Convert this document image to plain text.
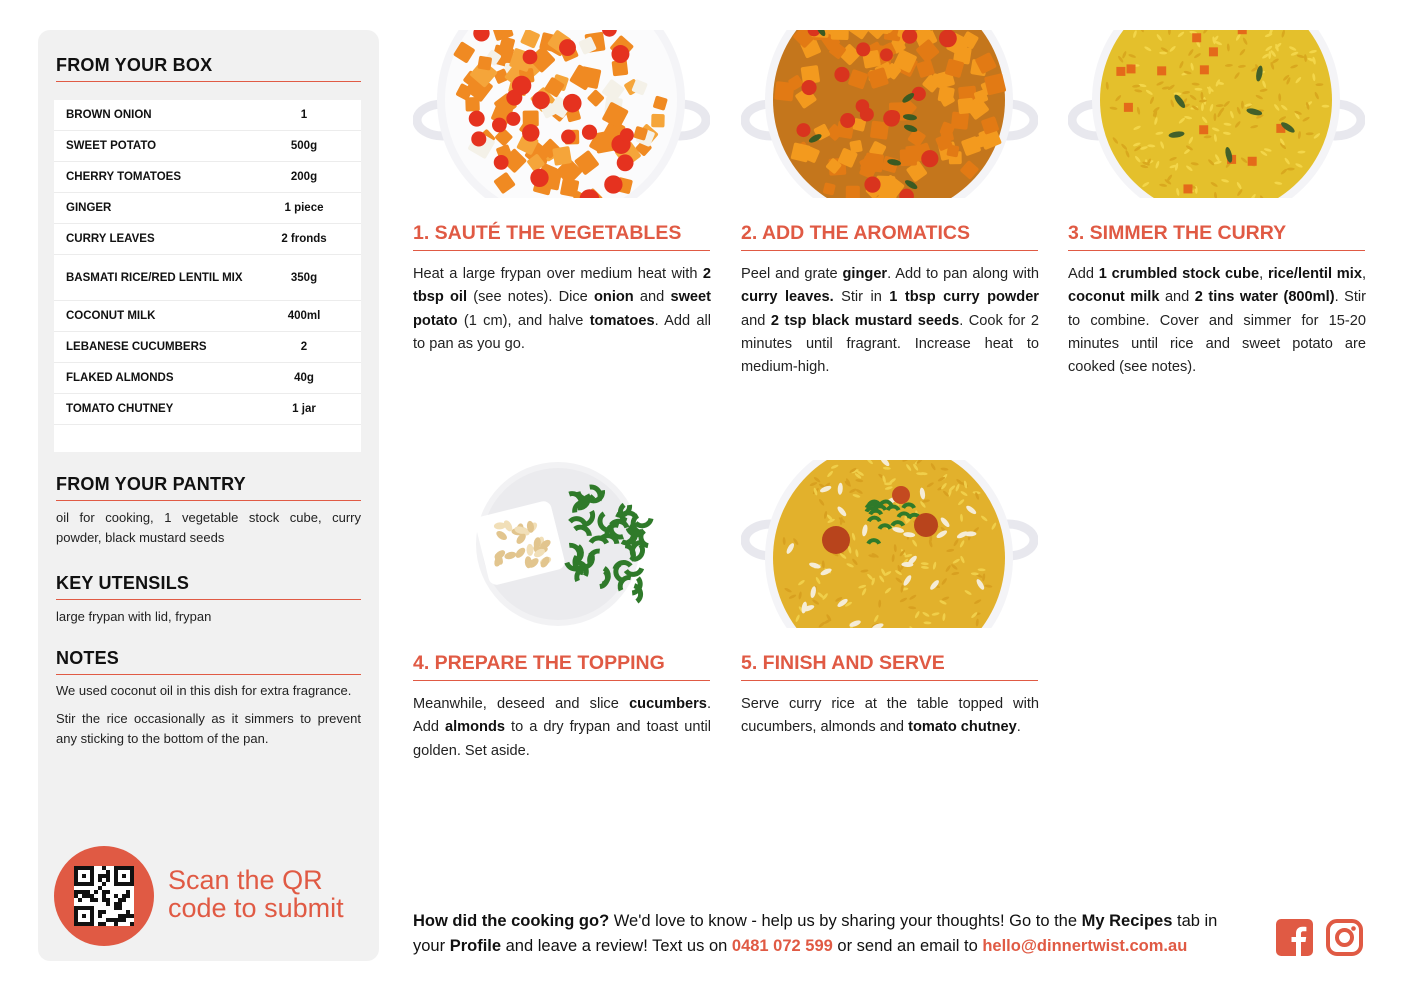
FROM YOUR BOX
BROWN ONION	1
SWEET POTATO	500g
CHERRY TOMATOES	200g
GINGER	1 piece
CURRY LEAVES	2 fronds
BASMATI RICE/RED LENTIL MIX	350g
COCONUT MILK	400ml
LEBANESE CUCUMBERS	2
FLAKED ALMONDS	40g
TOMATO CHUTNEY	1 jar
FROM YOUR PANTRY
oil for cooking, 1 vegetable stock cube, curry powder, black mustard seeds
KEY UTENSILS
large frypan with lid, frypan
NOTES
We used coconut oil in this dish for extra fragrance.
Stir the rice occasionally as it simmers to prevent any sticking to the bottom of the pan.
Scan the QR code to submit
1. SAUTÉ THE VEGETABLES
Heat a large frypan over medium heat with 2 tbsp oil (see notes). Dice onion and sweet potato (1 cm), and halve tomatoes. Add all to pan as you go.
2. ADD THE AROMATICS
Peel and grate ginger. Add to pan along with curry leaves. Stir in 1 tbsp curry powder and 2 tsp black mustard seeds. Cook for 2 minutes until fragrant. Increase heat to medium-high.
3. SIMMER THE CURRY
Add 1 crumbled stock cube, rice/lentil mix, coconut milk and 2 tins water (800ml). Stir to combine. Cover and simmer for 15-20 minutes until rice and sweet potato are cooked (see notes).
4. PREPARE THE TOPPING
Meanwhile, deseed and slice cucumbers. Add almonds to a dry frypan and toast until golden. Set aside.
5. FINISH AND SERVE
Serve curry rice at the table topped with cucumbers, almonds and tomato chutney.
How did the cooking go? We'd love to know - help us by sharing your thoughts! Go to the My Recipes tab in your Profile and leave a review! Text us on 0481 072 599 or send an email to hello@dinnertwist.com.au
